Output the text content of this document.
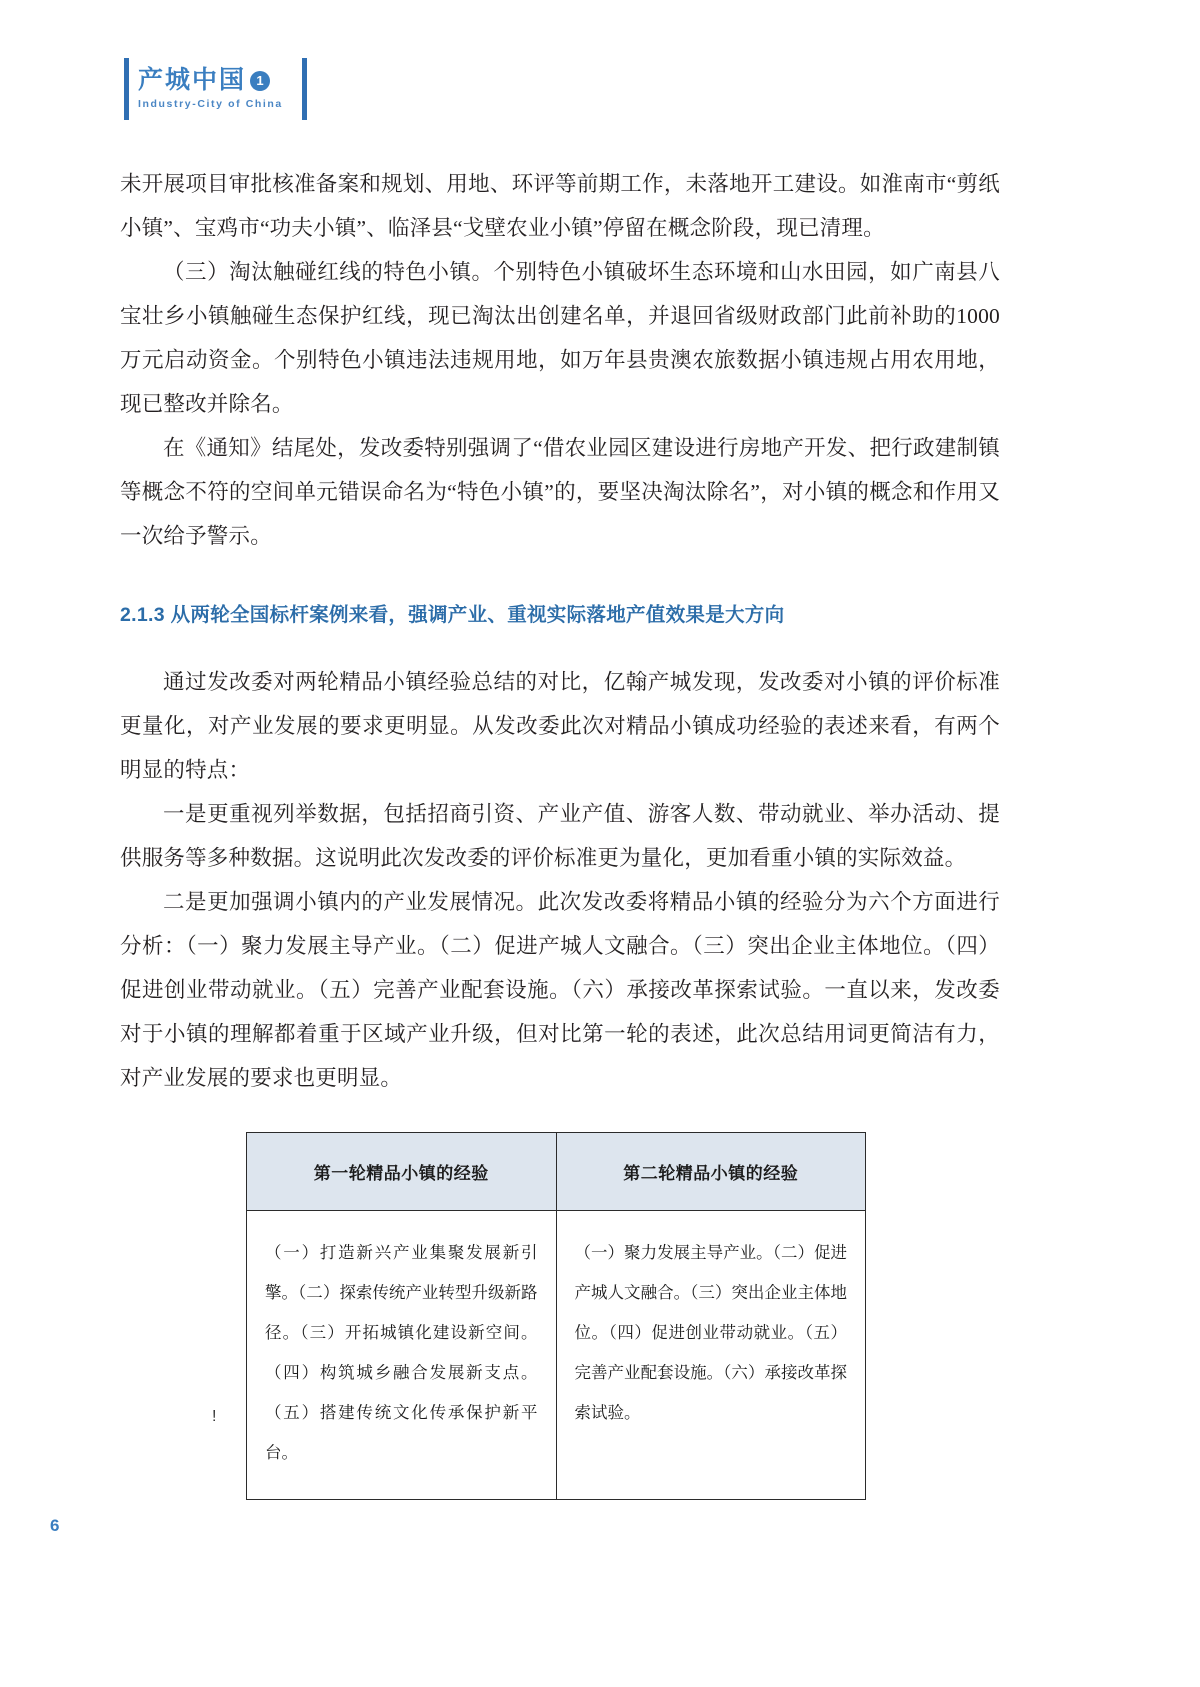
产城中国 1
Industry-City of China

未开展项目审批核准备案和规划、用地、环评等前期工作，未落地开工建设。如淮南市“剪纸小镇”、宝鸡市“功夫小镇”、临泽县“戈壁农业小镇”停留在概念阶段，现已清理。

（三）淘汰触碰红线的特色小镇。个别特色小镇破坏生态环境和山水田园，如广南县八宝壮乡小镇触碰生态保护红线，现已淘汰出创建名单，并退回省级财政部门此前补助的1000万元启动资金。个别特色小镇违法违规用地，如万年县贵澳农旅数据小镇违规占用农用地，现已整改并除名。

在《通知》结尾处，发改委特别强调了“借农业园区建设进行房地产开发、把行政建制镇等概念不符的空间单元错误命名为“特色小镇”的，要坚决淘汰除名”，对小镇的概念和作用又一次给予警示。

2.1.3 从两轮全国标杆案例来看，强调产业、重视实际落地产值效果是大方向

通过发改委对两轮精品小镇经验总结的对比，亿翰产城发现，发改委对小镇的评价标准更量化，对产业发展的要求更明显。从发改委此次对精品小镇成功经验的表述来看，有两个明显的特点：

一是更重视列举数据，包括招商引资、产业产值、游客人数、带动就业、举办活动、提供服务等多种数据。这说明此次发改委的评价标准更为量化，更加看重小镇的实际效益。

二是更加强调小镇内的产业发展情况。此次发改委将精品小镇的经验分为六个方面进行分析：（一）聚力发展主导产业。（二）促进产城人文融合。（三）突出企业主体地位。（四）促进创业带动就业。（五）完善产业配套设施。（六）承接改革探索试验。一直以来，发改委对于小镇的理解都着重于区域产业升级，但对比第一轮的表述，此次总结用词更简洁有力，对产业发展的要求也更明显。

第一轮精品小镇的经验	第二轮精品小镇的经验
（一）打造新兴产业集聚发展新引擎。（二）探索传统产业转型升级新路径。（三）开拓城镇化建设新空间。（四）构筑城乡融合发展新支点。（五）搭建传统文化传承保护新平台。	（一）聚力发展主导产业。（二）促进产城人文融合。（三）突出企业主体地位。（四）促进创业带动就业。（五）完善产业配套设施。（六）承接改革探索试验。
!
6
